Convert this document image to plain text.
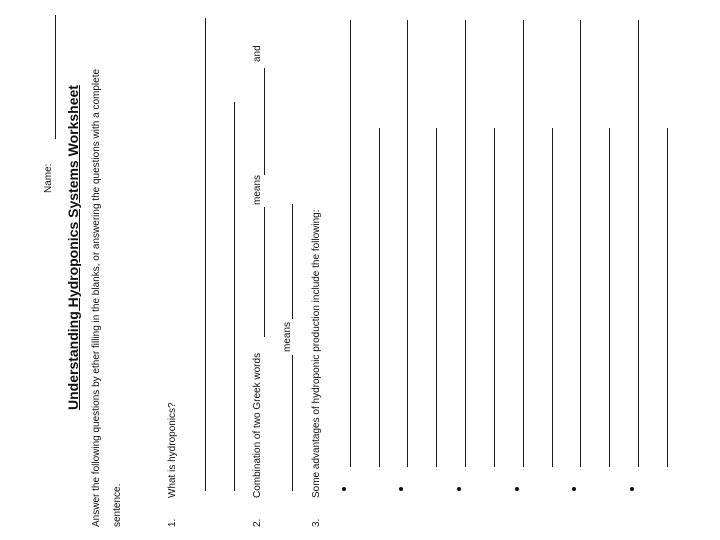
Name: Understanding Hydroponics Systems Worksheet Answer the following questions by ether filling in the blanks, or answering the questions with a complete sentence.	1.
What is hydroponics?
2.
Combination of two Greek words
means
and
means
3.
Some advantages of hydroponic production include the following:
